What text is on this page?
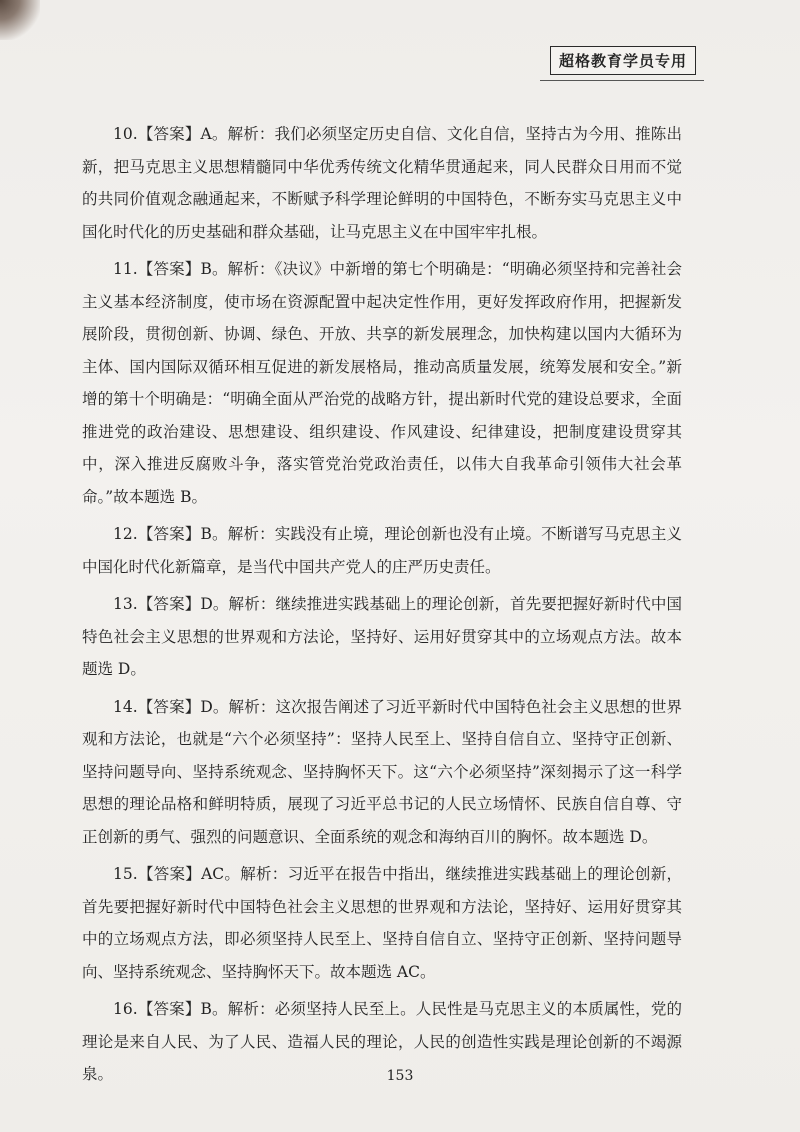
超格教育学员专用

10.【答案】A。解析：我们必须坚定历史自信、文化自信，坚持古为今用、推陈出新，把马克思主义思想精髓同中华优秀传统文化精华贯通起来，同人民群众日用而不觉的共同价值观念融通起来，不断赋予科学理论鲜明的中国特色，不断夯实马克思主义中国化时代化的历史基础和群众基础，让马克思主义在中国牢牢扎根。

11.【答案】B。解析：《决议》中新增的第七个明确是：“明确必须坚持和完善社会主义基本经济制度，使市场在资源配置中起决定性作用，更好发挥政府作用，把握新发展阶段，贯彻创新、协调、绿色、开放、共享的新发展理念，加快构建以国内大循环为主体、国内国际双循环相互促进的新发展格局，推动高质量发展，统筹发展和安全。”新增的第十个明确是：“明确全面从严治党的战略方针，提出新时代党的建设总要求，全面推进党的政治建设、思想建设、组织建设、作风建设、纪律建设，把制度建设贯穿其中，深入推进反腐败斗争，落实管党治党政治责任，以伟大自我革命引领伟大社会革命。”故本题选 B。

12.【答案】B。解析：实践没有止境，理论创新也没有止境。不断谱写马克思主义中国化时代化新篇章，是当代中国共产党人的庄严历史责任。

13.【答案】D。解析：继续推进实践基础上的理论创新，首先要把握好新时代中国特色社会主义思想的世界观和方法论，坚持好、运用好贯穿其中的立场观点方法。故本题选 D。

14.【答案】D。解析：这次报告阐述了习近平新时代中国特色社会主义思想的世界观和方法论，也就是“六个必须坚持”：坚持人民至上、坚持自信自立、坚持守正创新、坚持问题导向、坚持系统观念、坚持胸怀天下。这“六个必须坚持”深刻揭示了这一科学思想的理论品格和鲜明特质，展现了习近平总书记的人民立场情怀、民族自信自尊、守正创新的勇气、强烈的问题意识、全面系统的观念和海纳百川的胸怀。故本题选 D。

15.【答案】AC。解析：习近平在报告中指出，继续推进实践基础上的理论创新，首先要把握好新时代中国特色社会主义思想的世界观和方法论，坚持好、运用好贯穿其中的立场观点方法，即必须坚持人民至上、坚持自信自立、坚持守正创新、坚持问题导向、坚持系统观念、坚持胸怀天下。故本题选 AC。

16.【答案】B。解析：必须坚持人民至上。人民性是马克思主义的本质属性，党的理论是来自人民、为了人民、造福人民的理论，人民的创造性实践是理论创新的不竭源泉。	153
